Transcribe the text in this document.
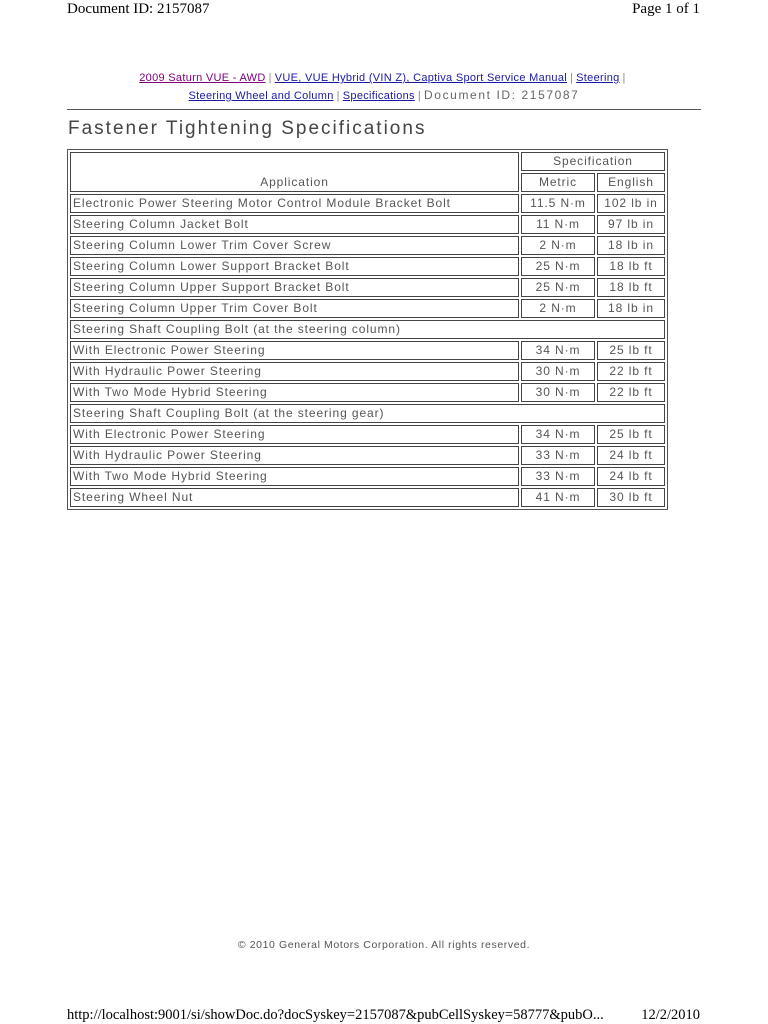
Document ID: 2157087	Page 1 of 1
2009 Saturn VUE - AWD | VUE, VUE Hybrid (VIN Z), Captiva Sport Service Manual | Steering |
Steering Wheel and Column | Specifications | Document ID: 2157087
Fastener Tightening Specifications
Application	Specification	
	Metric	English
Electronic Power Steering Motor Control Module Bracket Bolt	11.5 N·m	102 lb in
Steering Column Jacket Bolt	11 N·m	97 lb in
Steering Column Lower Trim Cover Screw	2 N·m	18 lb in
Steering Column Lower Support Bracket Bolt	25 N·m	18 lb ft
Steering Column Upper Support Bracket Bolt	25 N·m	18 lb ft
Steering Column Upper Trim Cover Bolt	2 N·m	18 lb in
Steering Shaft Coupling Bolt (at the steering column)		
With Electronic Power Steering	34 N·m	25 lb ft
With Hydraulic Power Steering	30 N·m	22 lb ft
With Two Mode Hybrid Steering	30 N·m	22 lb ft
Steering Shaft Coupling Bolt (at the steering gear)		
With Electronic Power Steering	34 N·m	25 lb ft
With Hydraulic Power Steering	33 N·m	24 lb ft
With Two Mode Hybrid Steering	33 N·m	24 lb ft
Steering Wheel Nut	41 N·m	30 lb ft
© 2010 General Motors Corporation. All rights reserved.
http://localhost:9001/si/showDoc.do?docSyskey=2157087&pubCellSyskey=58777&pubO...	12/2/2010
